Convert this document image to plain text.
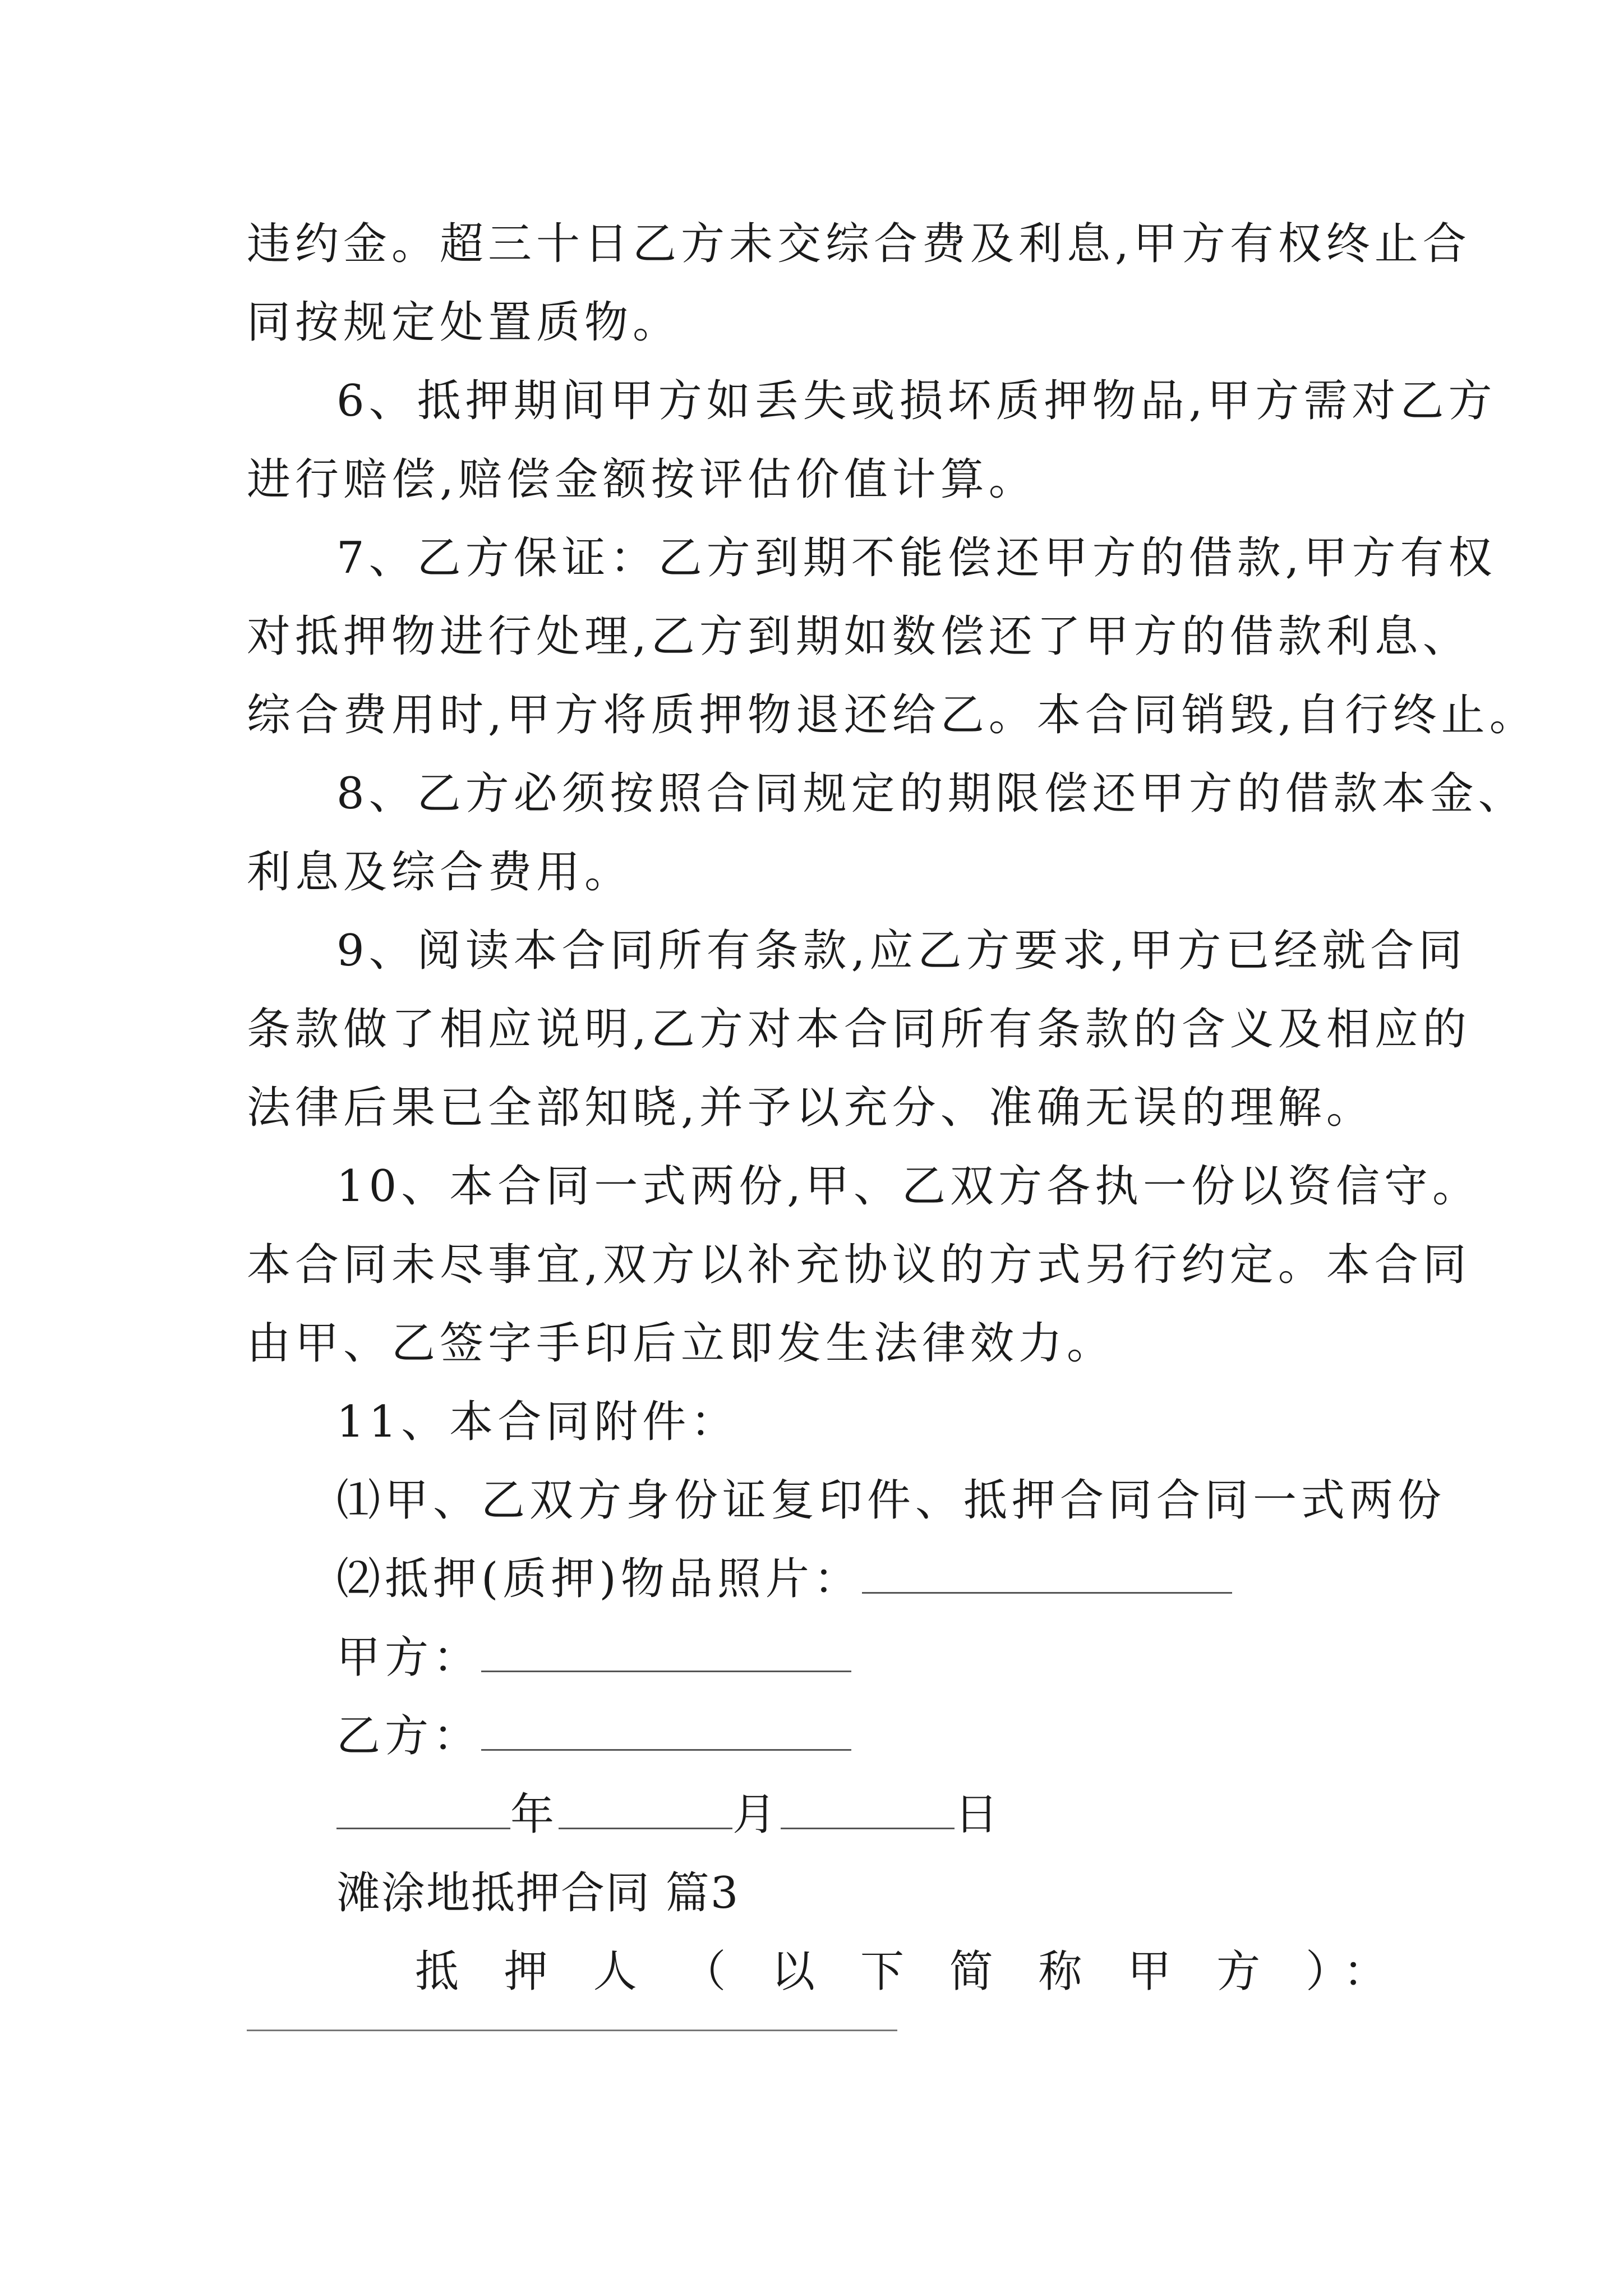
违约金。超三十日乙方未交综合费及利息,甲方有权终止合
同按规定处置质物。
6、抵押期间甲方如丢失或损坏质押物品,甲方需对乙方
进行赔偿,赔偿金额按评估价值计算。
7、乙方保证：乙方到期不能偿还甲方的借款,甲方有权
对抵押物进行处理,乙方到期如数偿还了甲方的借款利息、
综合费用时,甲方将质押物退还给乙。本合同销毁,自行终止。
8、乙方必须按照合同规定的期限偿还甲方的借款本金、
利息及综合费用。
9、阅读本合同所有条款,应乙方要求,甲方已经就合同
条款做了相应说明,乙方对本合同所有条款的含义及相应的
法律后果已全部知晓,并予以充分、准确无误的理解。
10、本合同一式两份,甲、乙双方各执一份以资信守。
本合同未尽事宜,双方以补充协议的方式另行约定。本合同
由甲、乙签字手印后立即发生法律效力。
11、本合同附件：
⑴甲、乙双方身份证复印件、抵押合同合同一式两份
⑵抵押(质押)物品照片：
甲方：
乙方：
年	月	日
滩涂地抵押合同 篇3
抵 押 人 （ 以 下 简 称 甲 方 ）：
